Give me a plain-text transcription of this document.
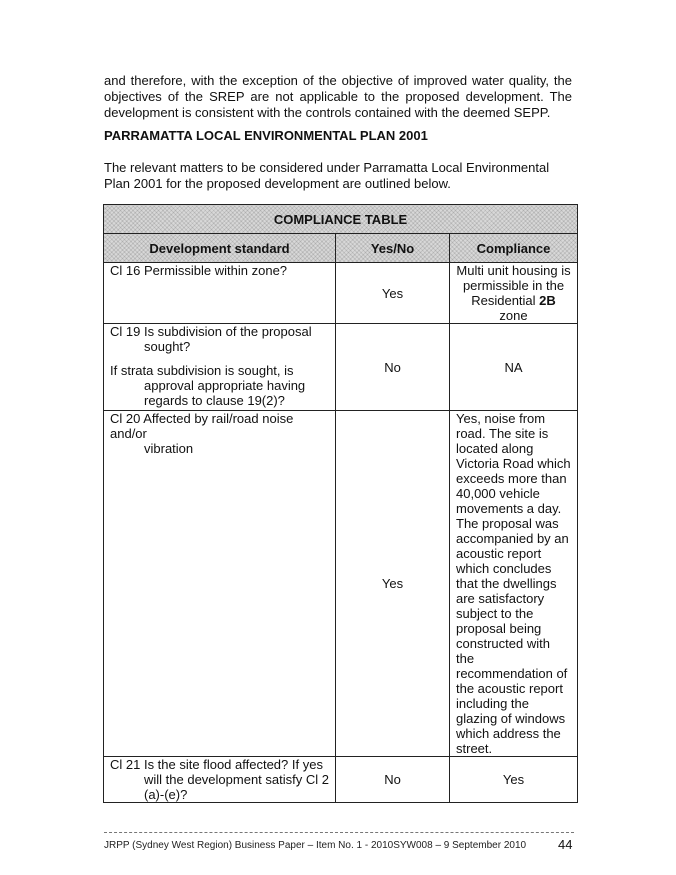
and therefore, with the exception of the objective of improved water quality, the objectives of the SREP are not applicable to the proposed development. The development is consistent with the controls contained with the deemed SEPP.

PARRAMATTA LOCAL ENVIRONMENTAL PLAN 2001

The relevant matters to be considered under Parramatta Local Environmental Plan 2001 for the proposed development are outlined below.

COMPLIANCE TABLE		
Development standard	Yes/No	Compliance
Cl 16 Permissible within zone?	Yes	Multi unit housing is permissible in the Residential 2B zone
Cl 19 Is subdivision of the proposal
sought?
If strata subdivision is sought, is
approval appropriate having regards to clause 19(2)?	No	NA
Cl 20 Affected by rail/road noise and/or
vibration	Yes	Yes, noise from road. The site is located along Victoria Road which exceeds more than 40,000 vehicle movements a day. The proposal was accompanied by an acoustic report which concludes that the dwellings are satisfactory subject to the proposal being constructed with the recommendation of the acoustic report including the glazing of windows which address the street.
Cl 21 Is the site flood affected? If yes
will the development satisfy Cl 2 (a)-(e)?	No	Yes
JRPP (Sydney West Region) Business Paper – Item No. 1 - 2010SYW008 – 9 September 2010 44
